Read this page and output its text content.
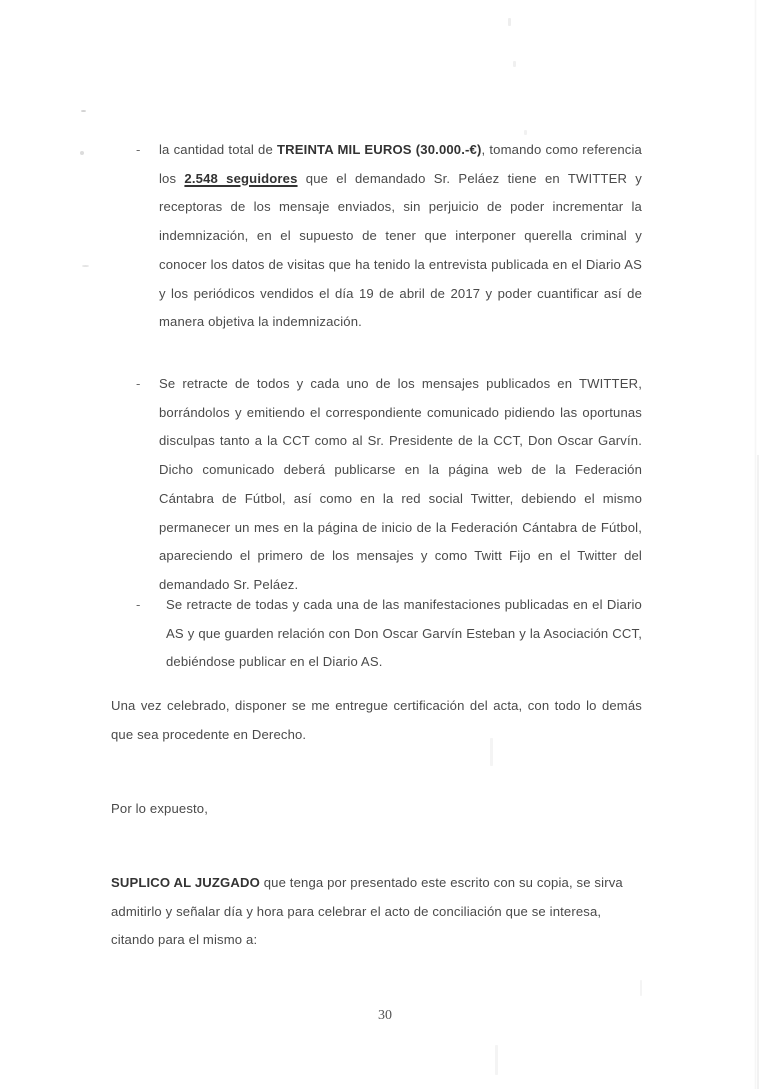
- la cantidad total de TREINTA MIL EUROS (30.000.-€), tomando como referencia los 2.548 seguidores que el demandado Sr. Peláez tiene en TWITTER y receptoras de los mensaje enviados, sin perjuicio de poder incrementar la indemnización, en el supuesto de tener que interponer querella criminal y conocer los datos de visitas que ha tenido la entrevista publicada en el Diario AS y los periódicos vendidos el día 19 de abril de 2017 y poder cuantificar así de manera objetiva la indemnización.
- Se retracte de todos y cada uno de los mensajes publicados en TWITTER, borrándolos y emitiendo el correspondiente comunicado pidiendo las oportunas disculpas tanto a la CCT como al Sr. Presidente de la CCT, Don Oscar Garvín. Dicho comunicado deberá publicarse en la página web de la Federación Cántabra de Fútbol, así como en la red social Twitter, debiendo el mismo permanecer un mes en la página de inicio de la Federación Cántabra de Fútbol, apareciendo el primero de los mensajes y como Twitt Fijo en el Twitter del demandado Sr. Peláez.
- Se retracte de todas y cada una de las manifestaciones publicadas en el Diario AS y que guarden relación con Don Oscar Garvín Esteban y la Asociación CCT, debiéndose publicar en el Diario AS.
Una vez celebrado, disponer se me entregue certificación del acta, con todo lo demás que sea procedente en Derecho.
Por lo expuesto,
SUPLICO AL JUZGADO que tenga por presentado este escrito con su copia, se sirva admitirlo y señalar día y hora para celebrar el acto de conciliación que se interesa, citando para el mismo a:
30
